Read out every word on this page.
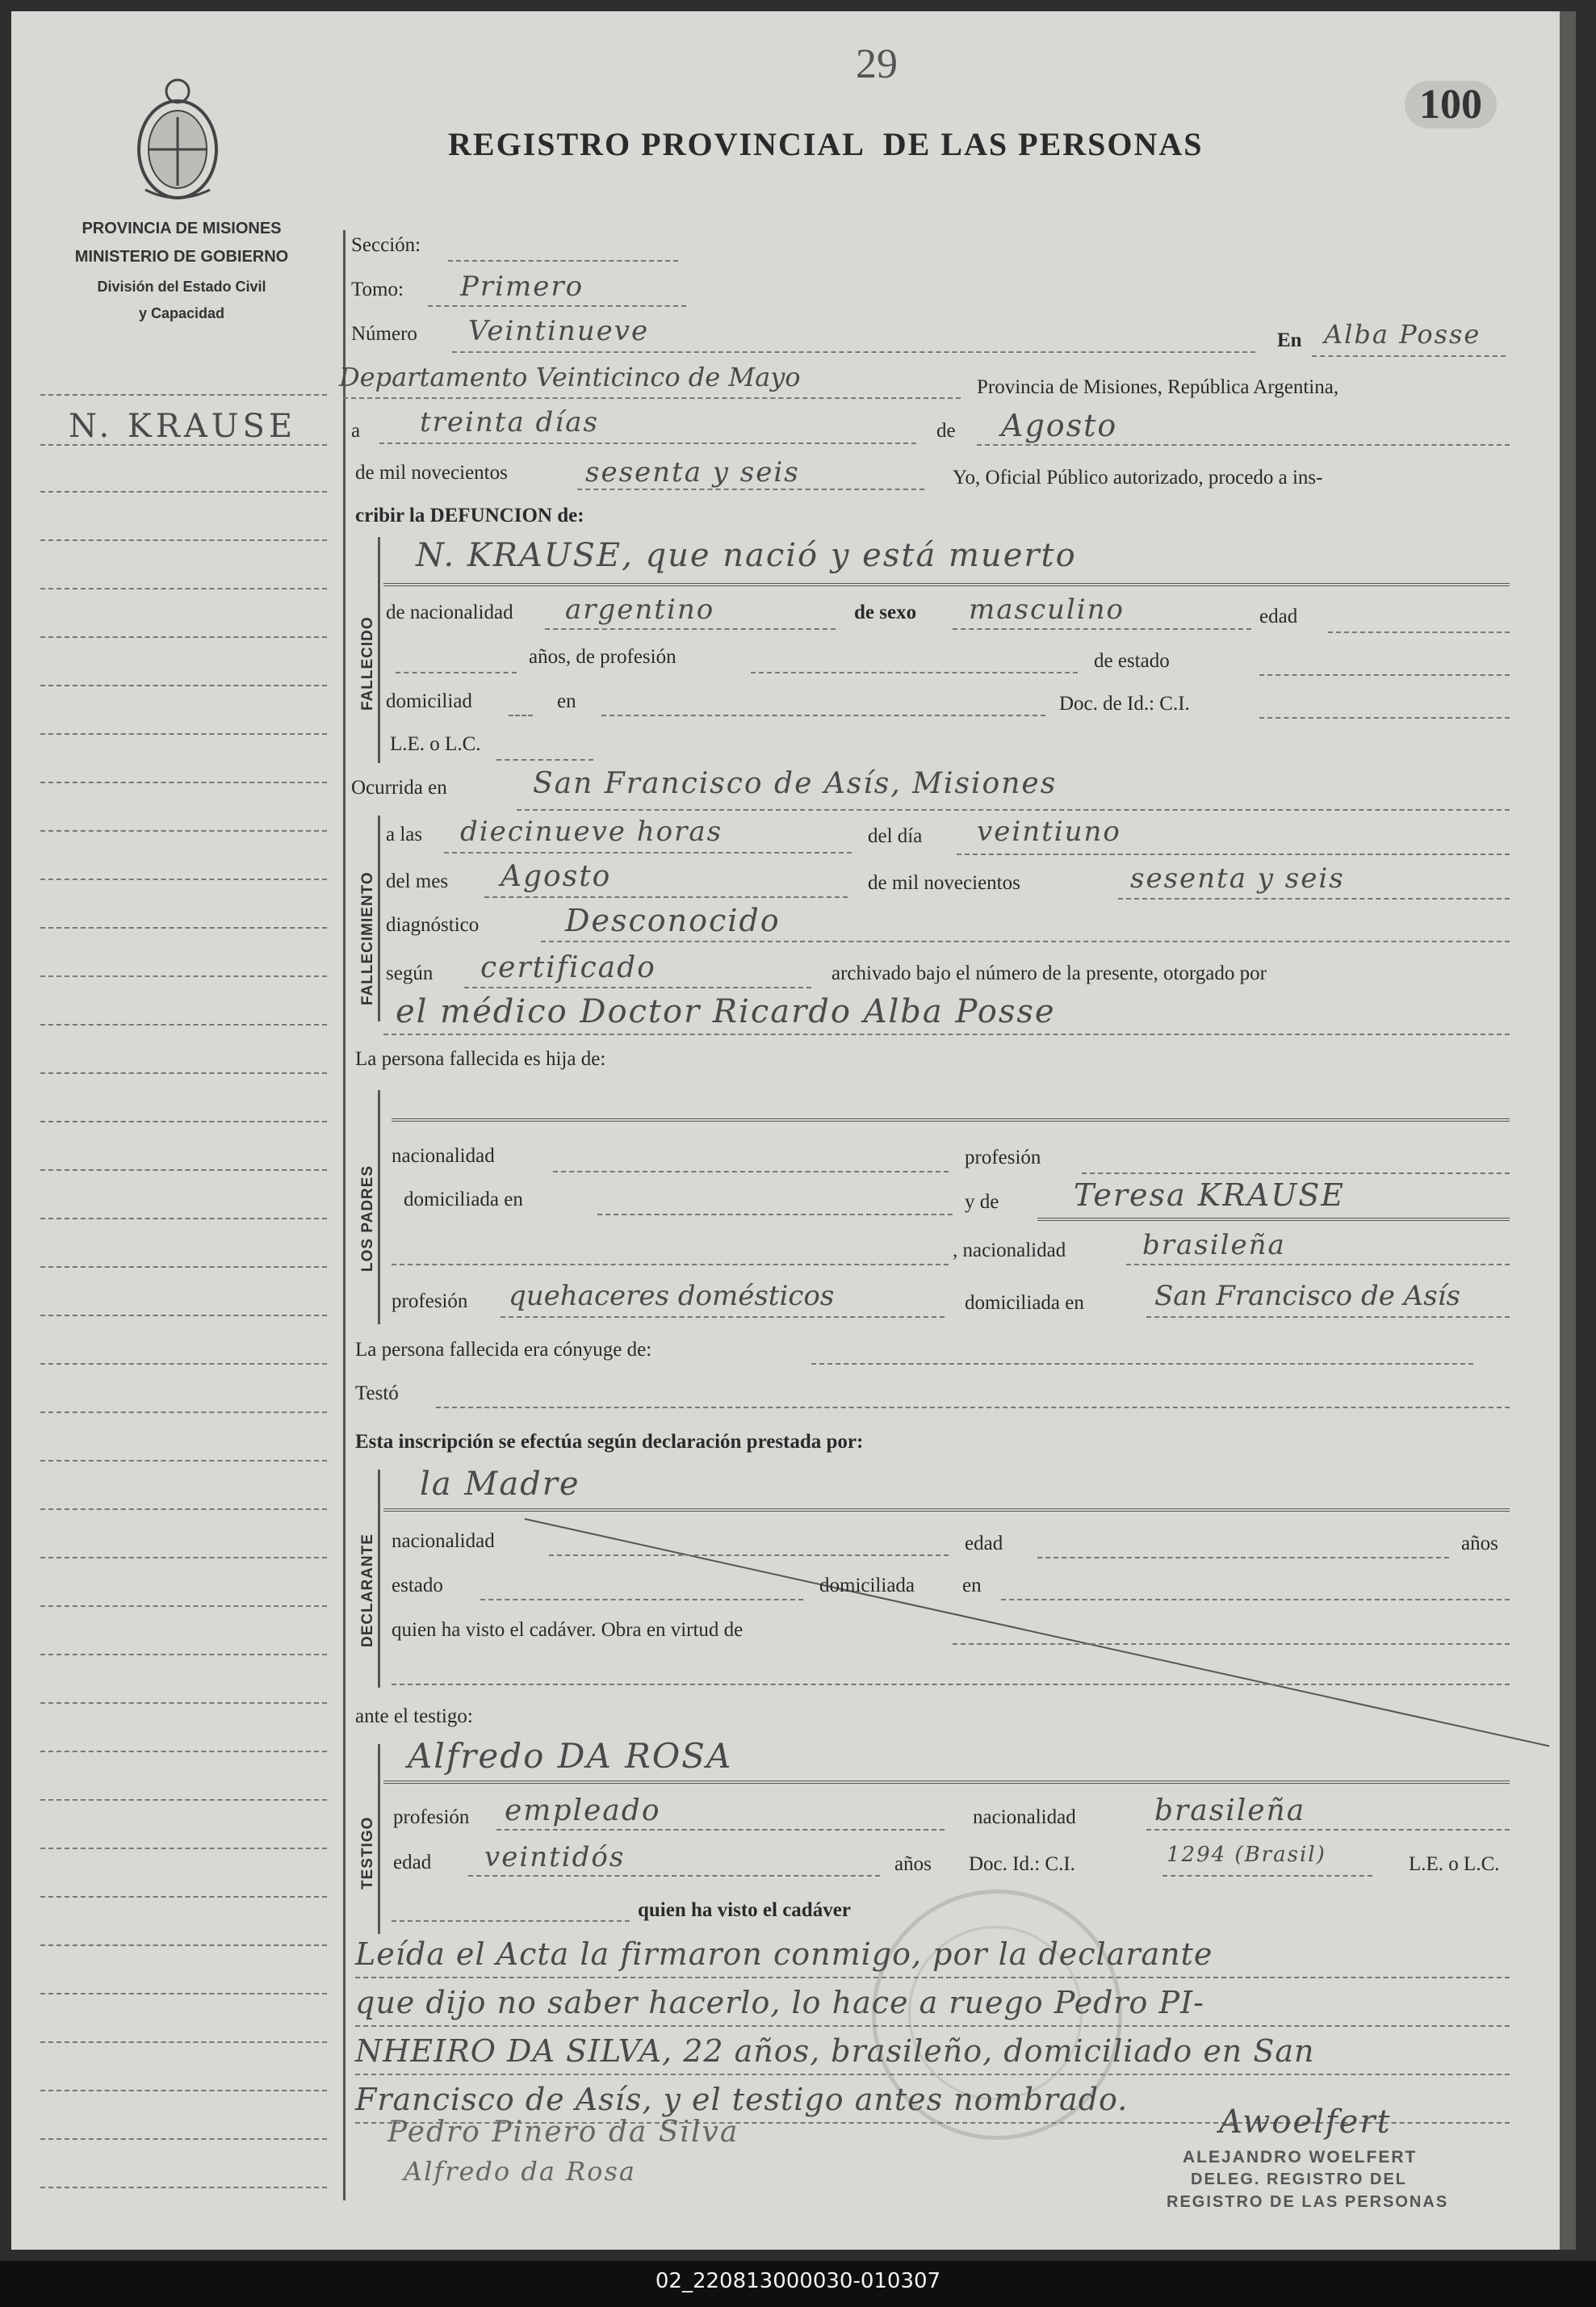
29
100
REGISTRO PROVINCIAL  DE LAS PERSONAS
PROVINCIA DE MISIONES
MINISTERIO DE GOBIERNO
División del Estado Civil
y Capacidad
N. KRAUSE
Sección:
Tomo: Primero
Número Veintinueve	En Alba Posse
Departamento Veinticinco de Mayo	Provincia de Misiones, República Argentina,
a treinta días	de Agosto
de mil novecientos	sesenta y seis	Yo, Oficial Público autorizado, procedo a ins-
cribir la DEFUNCION de:
FALLECIDO
N. KRAUSE, que nació y está muerto
de nacionalidad argentino	de sexo masculino	edad
años, de profesión	de estado
domiciliad	en	Doc. de Id.: C.I.
L.E. o L.C.
Ocurrida en	San Francisco de Asís, Misiones
FALLECIMIENTO
a las diecinueve horas	del día veintiuno
del mes Agosto	de mil novecientos	sesenta y seis
diagnóstico	Desconocido
según certificado	archivado bajo el número de la presente, otorgado por
el médico Doctor Ricardo Alba Posse
La persona fallecida es hija de:
LOS PADRES
nacionalidad	profesión
domiciliada en	y de Teresa KRAUSE
, nacionalidad	brasileña
profesión quehaceres domésticos	domiciliada en	San Francisco de Asís
La persona fallecida era cónyuge de:
Testó
Esta inscripción se efectúa según declaración prestada por:
DECLARANTE
la Madre
nacionalidad	edad	años
estado	domiciliada en
quien ha visto el cadáver. Obra en virtud de
ante el testigo:
TESTIGO
Alfredo DA ROSA
profesión empleado	nacionalidad	brasileña
edad veintidós	años Doc. Id.: C.I.	1294 (Brasil)	L.E. o L.C.
quien ha visto el cadáver
Leída el Acta la firmaron conmigo, por la declarante
que dijo no saber hacerlo, lo hace a ruego Pedro PI-
NHEIRO DA SILVA, 22 años, brasileño, domiciliado en San
Francisco de Asís, y el testigo antes nombrado.
Pedro Pinero da Silva
Alfredo da Rosa
Awoelfert
ALEJANDRO WOELFERT
DELEG. REGISTRO DEL
REGISTRO DE LAS PERSONAS
02_220813000030-010307
